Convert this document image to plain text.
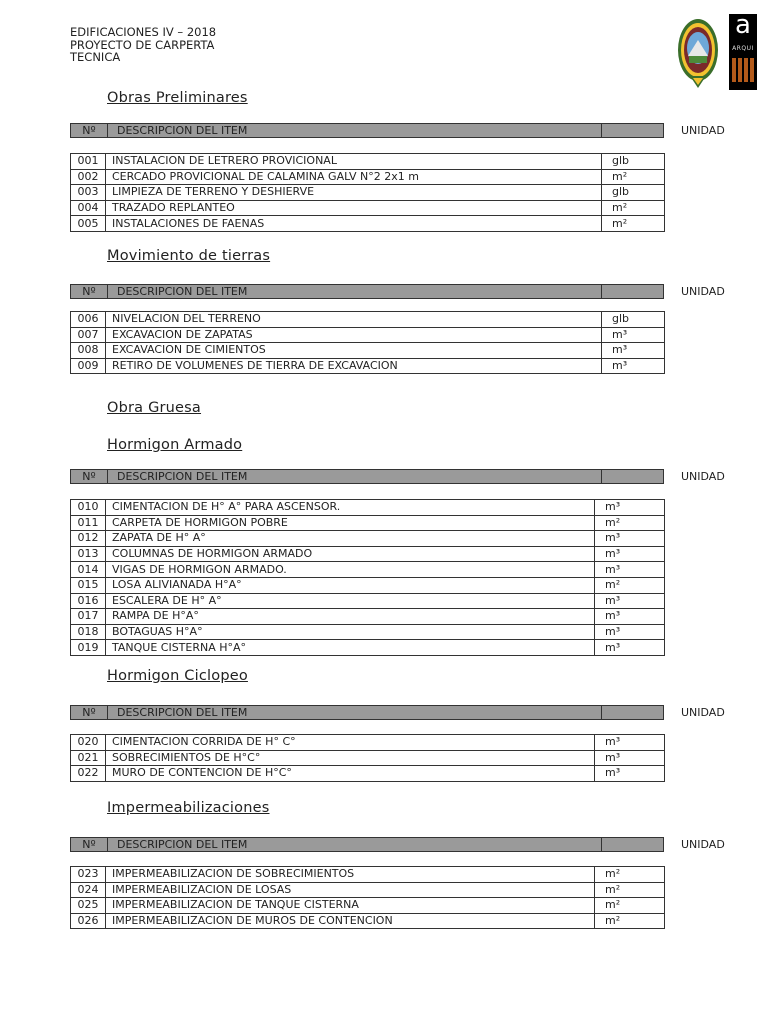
EDIFICACIONES IV – 2018
PROYECTO DE CARPERTA
TECNICA
a
ARQUI
Obras Preliminares
Nº	DESCRIPCION DEL ITEM	UNIDAD
001	INSTALACION DE LETRERO PROVICIONAL	glb
002	CERCADO PROVICIONAL DE CALAMINA GALV N°2 2x1 m	m²
003	LIMPIEZA DE TERRENO Y DESHIERVE	glb
004	TRAZADO REPLANTEO	m²
005	INSTALACIONES DE FAENAS	m²
Movimiento de tierras
Nº	DESCRIPCION DEL ITEM	UNIDAD
006	NIVELACION DEL TERRENO	glb
007	EXCAVACION DE ZAPATAS	m³
008	EXCAVACION DE CIMIENTOS	m³
009	RETIRO DE VOLUMENES DE TIERRA DE EXCAVACION	m³
Obra Gruesa
Hormigon Armado
Nº	DESCRIPCION DEL ITEM	UNIDAD
010	CIMENTACION DE H° A° PARA ASCENSOR.	m³
011	CARPETA DE HORMIGON POBRE	m²
012	ZAPATA DE H° A°	m³
013	COLUMNAS DE HORMIGON ARMADO	m³
014	VIGAS DE HORMIGON ARMADO.	m³
015	LOSA ALIVIANADA H°A°	m²
016	ESCALERA DE H° A°	m³
017	RAMPA DE H°A°	m³
018	BOTAGUAS H°A°	m³
019	TANQUE CISTERNA H°A°	m³
Hormigon Ciclopeo
Nº	DESCRIPCION DEL ITEM	UNIDAD
020	CIMENTACION CORRIDA DE H° C°	m³
021	SOBRECIMIENTOS DE H°C°	m³
022	MURO DE CONTENCION DE H°C°	m³
Impermeabilizaciones
Nº	DESCRIPCION DEL ITEM	UNIDAD
023	IMPERMEABILIZACION DE SOBRECIMIENTOS	m²
024	IMPERMEABILIZACION DE LOSAS	m²
025	IMPERMEABILIZACION DE TANQUE CISTERNA	m²
026	IMPERMEABILIZACION DE MUROS DE CONTENCION	m²
